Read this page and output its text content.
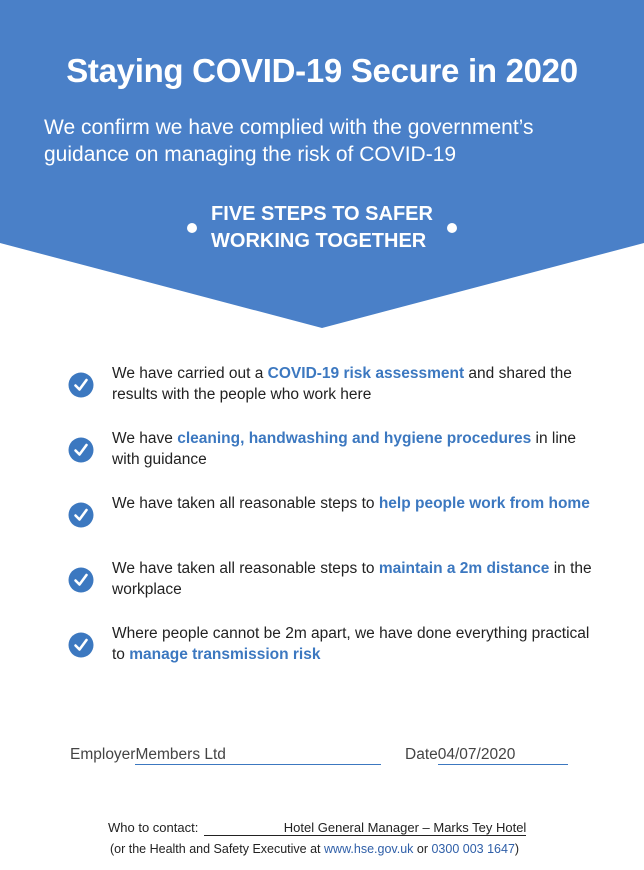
Staying COVID-19 Secure in 2020
We confirm we have complied with the government’s guidance on managing the risk of COVID-19
FIVE STEPS TO SAFER
WORKING TOGETHER
We have carried out a COVID-19 risk assessment and shared the results with the people who work here
We have cleaning, handwashing and hygiene procedures in line with guidance
We have taken all reasonable steps to help people work from home
We have taken all reasonable steps to maintain a 2m distance in the workplace
Where people cannot be 2m apart, we have done everything practical to manage transmission risk
EmployerMembers Ltd	Date04/07/2020
Who to contact:	Hotel General Manager – Marks Tey Hotel
(or the Health and Safety Executive at www.hse.gov.uk or 0300 003 1647)
